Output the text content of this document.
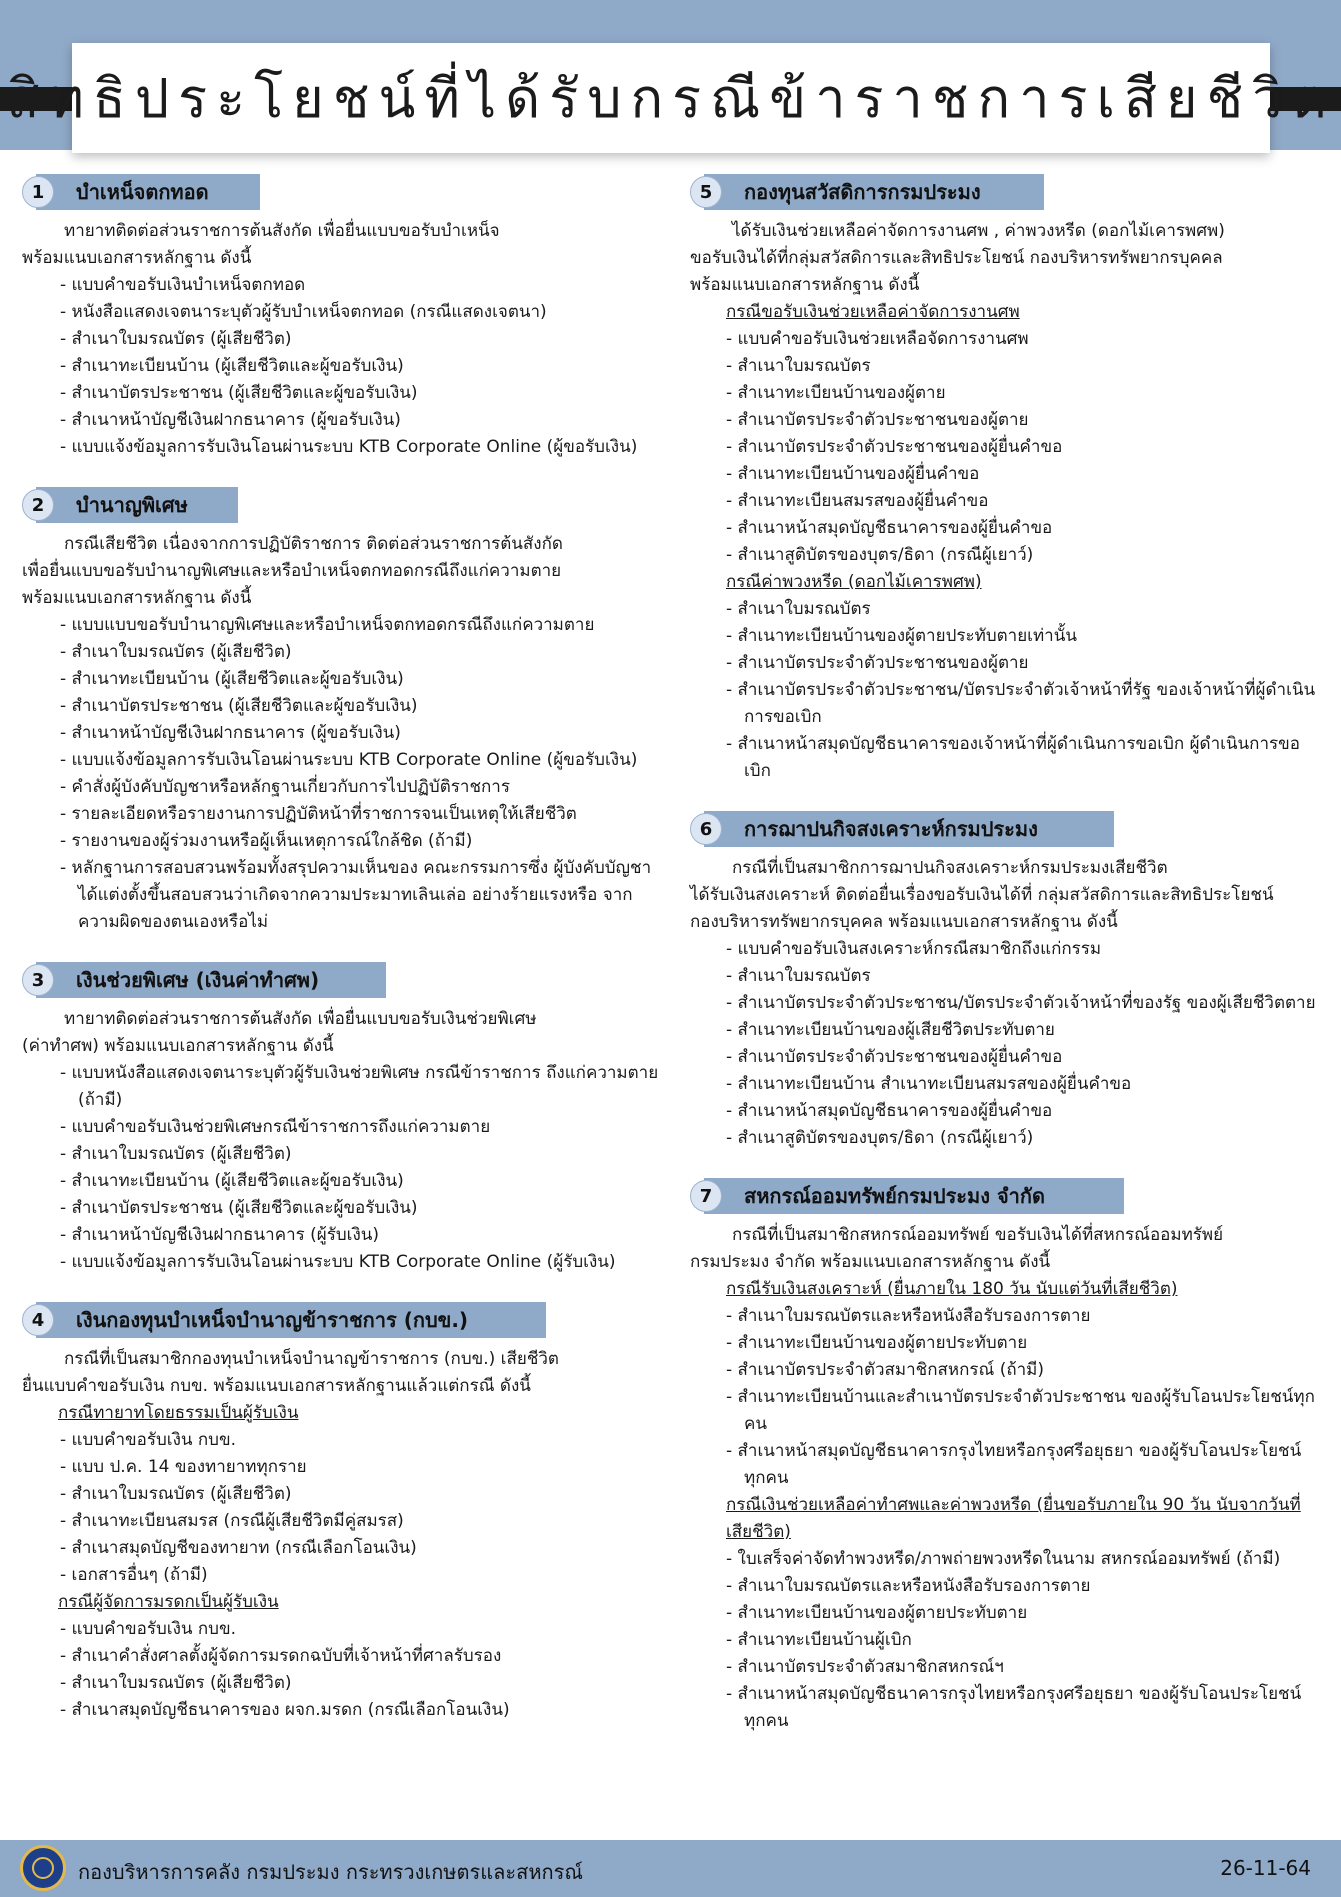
สิทธิประโยชน์ที่ได้รับกรณีข้าราชการเสียชีวิต
1	บำเหน็จตกทอด

ทายาทติดต่อส่วนราชการต้นสังกัด เพื่อยื่นแบบขอรับบำเหน็จ
พร้อมแนบเอกสารหลักฐาน ดังนี้

- แบบคำขอรับเงินบำเหน็จตกทอด
- หนังสือแสดงเจตนาระบุตัวผู้รับบำเหน็จตกทอด (กรณีแสดงเจตนา)
- สำเนาใบมรณบัตร (ผู้เสียชีวิต)
- สำเนาทะเบียนบ้าน (ผู้เสียชีวิตและผู้ขอรับเงิน)
- สำเนาบัตรประชาชน (ผู้เสียชีวิตและผู้ขอรับเงิน)
- สำเนาหน้าบัญชีเงินฝากธนาคาร (ผู้ขอรับเงิน)
- แบบแจ้งข้อมูลการรับเงินโอนผ่านระบบ KTB Corporate Online (ผู้ขอรับเงิน)
2	บำนาญพิเศษ

กรณีเสียชีวิต เนื่องจากการปฏิบัติราชการ ติดต่อส่วนราชการต้นสังกัด
เพื่อยื่นแบบขอรับบำนาญพิเศษและหรือบำเหน็จตกทอดกรณีถึงแก่ความตาย
พร้อมแนบเอกสารหลักฐาน ดังนี้

- แบบแบบขอรับบำนาญพิเศษและหรือบำเหน็จตกทอดกรณีถึงแก่ความตาย
- สำเนาใบมรณบัตร (ผู้เสียชีวิต)
- สำเนาทะเบียนบ้าน (ผู้เสียชีวิตและผู้ขอรับเงิน)
- สำเนาบัตรประชาชน (ผู้เสียชีวิตและผู้ขอรับเงิน)
- สำเนาหน้าบัญชีเงินฝากธนาคาร (ผู้ขอรับเงิน)
- แบบแจ้งข้อมูลการรับเงินโอนผ่านระบบ KTB Corporate Online (ผู้ขอรับเงิน)
- คำสั่งผู้บังคับบัญชาหรือหลักฐานเกี่ยวกับการไปปฏิบัติราชการ
- รายละเอียดหรือรายงานการปฏิบัติหน้าที่ราชการจนเป็นเหตุให้เสียชีวิต
- รายงานของผู้ร่วมงานหรือผู้เห็นเหตุการณ์ใกล้ชิด (ถ้ามี)
- หลักฐานการสอบสวนพร้อมทั้งสรุปความเห็นของ คณะกรรมการซึ่ง ผู้บังคับบัญชาได้แต่งตั้งขึ้นสอบสวนว่าเกิดจากความประมาทเลินเล่อ อย่างร้ายแรงหรือ จากความผิดของตนเองหรือไม่
3	เงินช่วยพิเศษ (เงินค่าทำศพ)

ทายาทติดต่อส่วนราชการต้นสังกัด เพื่อยื่นแบบขอรับเงินช่วยพิเศษ
(ค่าทำศพ) พร้อมแนบเอกสารหลักฐาน ดังนี้

- แบบหนังสือแสดงเจตนาระบุตัวผู้รับเงินช่วยพิเศษ กรณีข้าราชการ ถึงแก่ความตาย (ถ้ามี)
- แบบคำขอรับเงินช่วยพิเศษกรณีข้าราชการถึงแก่ความตาย
- สำเนาใบมรณบัตร (ผู้เสียชีวิต)
- สำเนาทะเบียนบ้าน (ผู้เสียชีวิตและผู้ขอรับเงิน)
- สำเนาบัตรประชาชน (ผู้เสียชีวิตและผู้ขอรับเงิน)
- สำเนาหน้าบัญชีเงินฝากธนาคาร (ผู้รับเงิน)
- แบบแจ้งข้อมูลการรับเงินโอนผ่านระบบ KTB Corporate Online (ผู้รับเงิน)
4	เงินกองทุนบำเหน็จบำนาญข้าราชการ (กบข.)

กรณีที่เป็นสมาชิกกองทุนบำเหน็จบำนาญข้าราชการ (กบข.) เสียชีวิต
ยื่นแบบคำขอรับเงิน กบข. พร้อมแนบเอกสารหลักฐานแล้วแต่กรณี ดังนี้

กรณีทายาทโดยธรรมเป็นผู้รับเงิน

- แบบคำขอรับเงิน กบข.
- แบบ ป.ค. 14 ของทายาททุกราย
- สำเนาใบมรณบัตร (ผู้เสียชีวิต)
- สำเนาทะเบียนสมรส (กรณีผู้เสียชีวิตมีคู่สมรส)
- สำเนาสมุดบัญชีของทายาท (กรณีเลือกโอนเงิน)
- เอกสารอื่นๆ (ถ้ามี)

กรณีผู้จัดการมรดกเป็นผู้รับเงิน

- แบบคำขอรับเงิน กบข.
- สำเนาคำสั่งศาลตั้งผู้จัดการมรดกฉบับที่เจ้าหน้าที่ศาลรับรอง
- สำเนาใบมรณบัตร (ผู้เสียชีวิต)
- สำเนาสมุดบัญชีธนาคารของ ผจก.มรดก (กรณีเลือกโอนเงิน)
5	กองทุนสวัสดิการกรมประมง

ได้รับเงินช่วยเหลือค่าจัดการงานศพ , ค่าพวงหรีด (ดอกไม้เคารพศพ)
ขอรับเงินได้ที่กลุ่มสวัสดิการและสิทธิประโยชน์ กองบริหารทรัพยากรบุคคล
พร้อมแนบเอกสารหลักฐาน ดังนี้

กรณีขอรับเงินช่วยเหลือค่าจัดการงานศพ

- แบบคำขอรับเงินช่วยเหลือจัดการงานศพ
- สำเนาใบมรณบัตร
- สำเนาทะเบียนบ้านของผู้ตาย
- สำเนาบัตรประจำตัวประชาชนของผู้ตาย
- สำเนาบัตรประจำตัวประชาชนของผู้ยื่นคำขอ
- สำเนาทะเบียนบ้านของผู้ยื่นคำขอ
- สำเนาทะเบียนสมรสของผู้ยื่นคำขอ
- สำเนาหน้าสมุดบัญชีธนาคารของผู้ยื่นคำขอ
- สำเนาสูติบัตรของบุตร/ธิดา (กรณีผู้เยาว์)

กรณีค่าพวงหรีด (ดอกไม้เคารพศพ)

- สำเนาใบมรณบัตร
- สำเนาทะเบียนบ้านของผู้ตายประทับตายเท่านั้น
- สำเนาบัตรประจำตัวประชาชนของผู้ตาย
- สำเนาบัตรประจำตัวประชาชน/บัตรประจำตัวเจ้าหน้าที่รัฐ ของเจ้าหน้าที่ผู้ดำเนินการขอเบิก
- สำเนาหน้าสมุดบัญชีธนาคารของเจ้าหน้าที่ผู้ดำเนินการขอเบิก ผู้ดำเนินการขอเบิก
6	การฌาปนกิจสงเคราะห์กรมประมง

กรณีที่เป็นสมาชิกการฌาปนกิจสงเคราะห์กรมประมงเสียชีวิต
ได้รับเงินสงเคราะห์ ติดต่อยื่นเรื่องขอรับเงินได้ที่ กลุ่มสวัสดิการและสิทธิประโยชน์
กองบริหารทรัพยากรบุคคล พร้อมแนบเอกสารหลักฐาน ดังนี้

- แบบคำขอรับเงินสงเคราะห์กรณีสมาชิกถึงแก่กรรม
- สำเนาใบมรณบัตร
- สำเนาบัตรประจำตัวประชาชน/บัตรประจำตัวเจ้าหน้าที่ของรัฐ ของผู้เสียชีวิตตาย
- สำเนาทะเบียนบ้านของผู้เสียชีวิตประทับตาย
- สำเนาบัตรประจำตัวประชาชนของผู้ยื่นคำขอ
- สำเนาทะเบียนบ้าน สำเนาทะเบียนสมรสของผู้ยื่นคำขอ
- สำเนาหน้าสมุดบัญชีธนาคารของผู้ยื่นคำขอ
- สำเนาสูติบัตรของบุตร/ธิดา (กรณีผู้เยาว์)
7	สหกรณ์ออมทรัพย์กรมประมง จำกัด

กรณีที่เป็นสมาชิกสหกรณ์ออมทรัพย์ ขอรับเงินได้ที่สหกรณ์ออมทรัพย์
กรมประมง จำกัด พร้อมแนบเอกสารหลักฐาน ดังนี้

กรณีรับเงินสงเคราะห์ (ยื่นภายใน 180 วัน นับแต่วันที่เสียชีวิต)

- สำเนาใบมรณบัตรและหรือหนังสือรับรองการตาย
- สำเนาทะเบียนบ้านของผู้ตายประทับตาย
- สำเนาบัตรประจำตัวสมาชิกสหกรณ์ (ถ้ามี)
- สำเนาทะเบียนบ้านและสำเนาบัตรประจำตัวประชาชน ของผู้รับโอนประโยชน์ทุกคน
- สำเนาหน้าสมุดบัญชีธนาคารกรุงไทยหรือกรุงศรีอยุธยา ของผู้รับโอนประโยชน์ทุกคน

กรณีเงินช่วยเหลือค่าทำศพและค่าพวงหรีด (ยื่นขอรับภายใน 90 วัน นับจากวันที่เสียชีวิต)

- ใบเสร็จค่าจัดทำพวงหรีด/ภาพถ่ายพวงหรีดในนาม สหกรณ์ออมทรัพย์ (ถ้ามี)
- สำเนาใบมรณบัตรและหรือหนังสือรับรองการตาย
- สำเนาทะเบียนบ้านของผู้ตายประทับตาย
- สำเนาทะเบียนบ้านผู้เบิก
- สำเนาบัตรประจำตัวสมาชิกสหกรณ์ฯ
- สำเนาหน้าสมุดบัญชีธนาคารกรุงไทยหรือกรุงศรีอยุธยา ของผู้รับโอนประโยชน์ทุกคน
กองบริหารการคลัง กรมประมง กระทรวงเกษตรและสหกรณ์	26-11-64
